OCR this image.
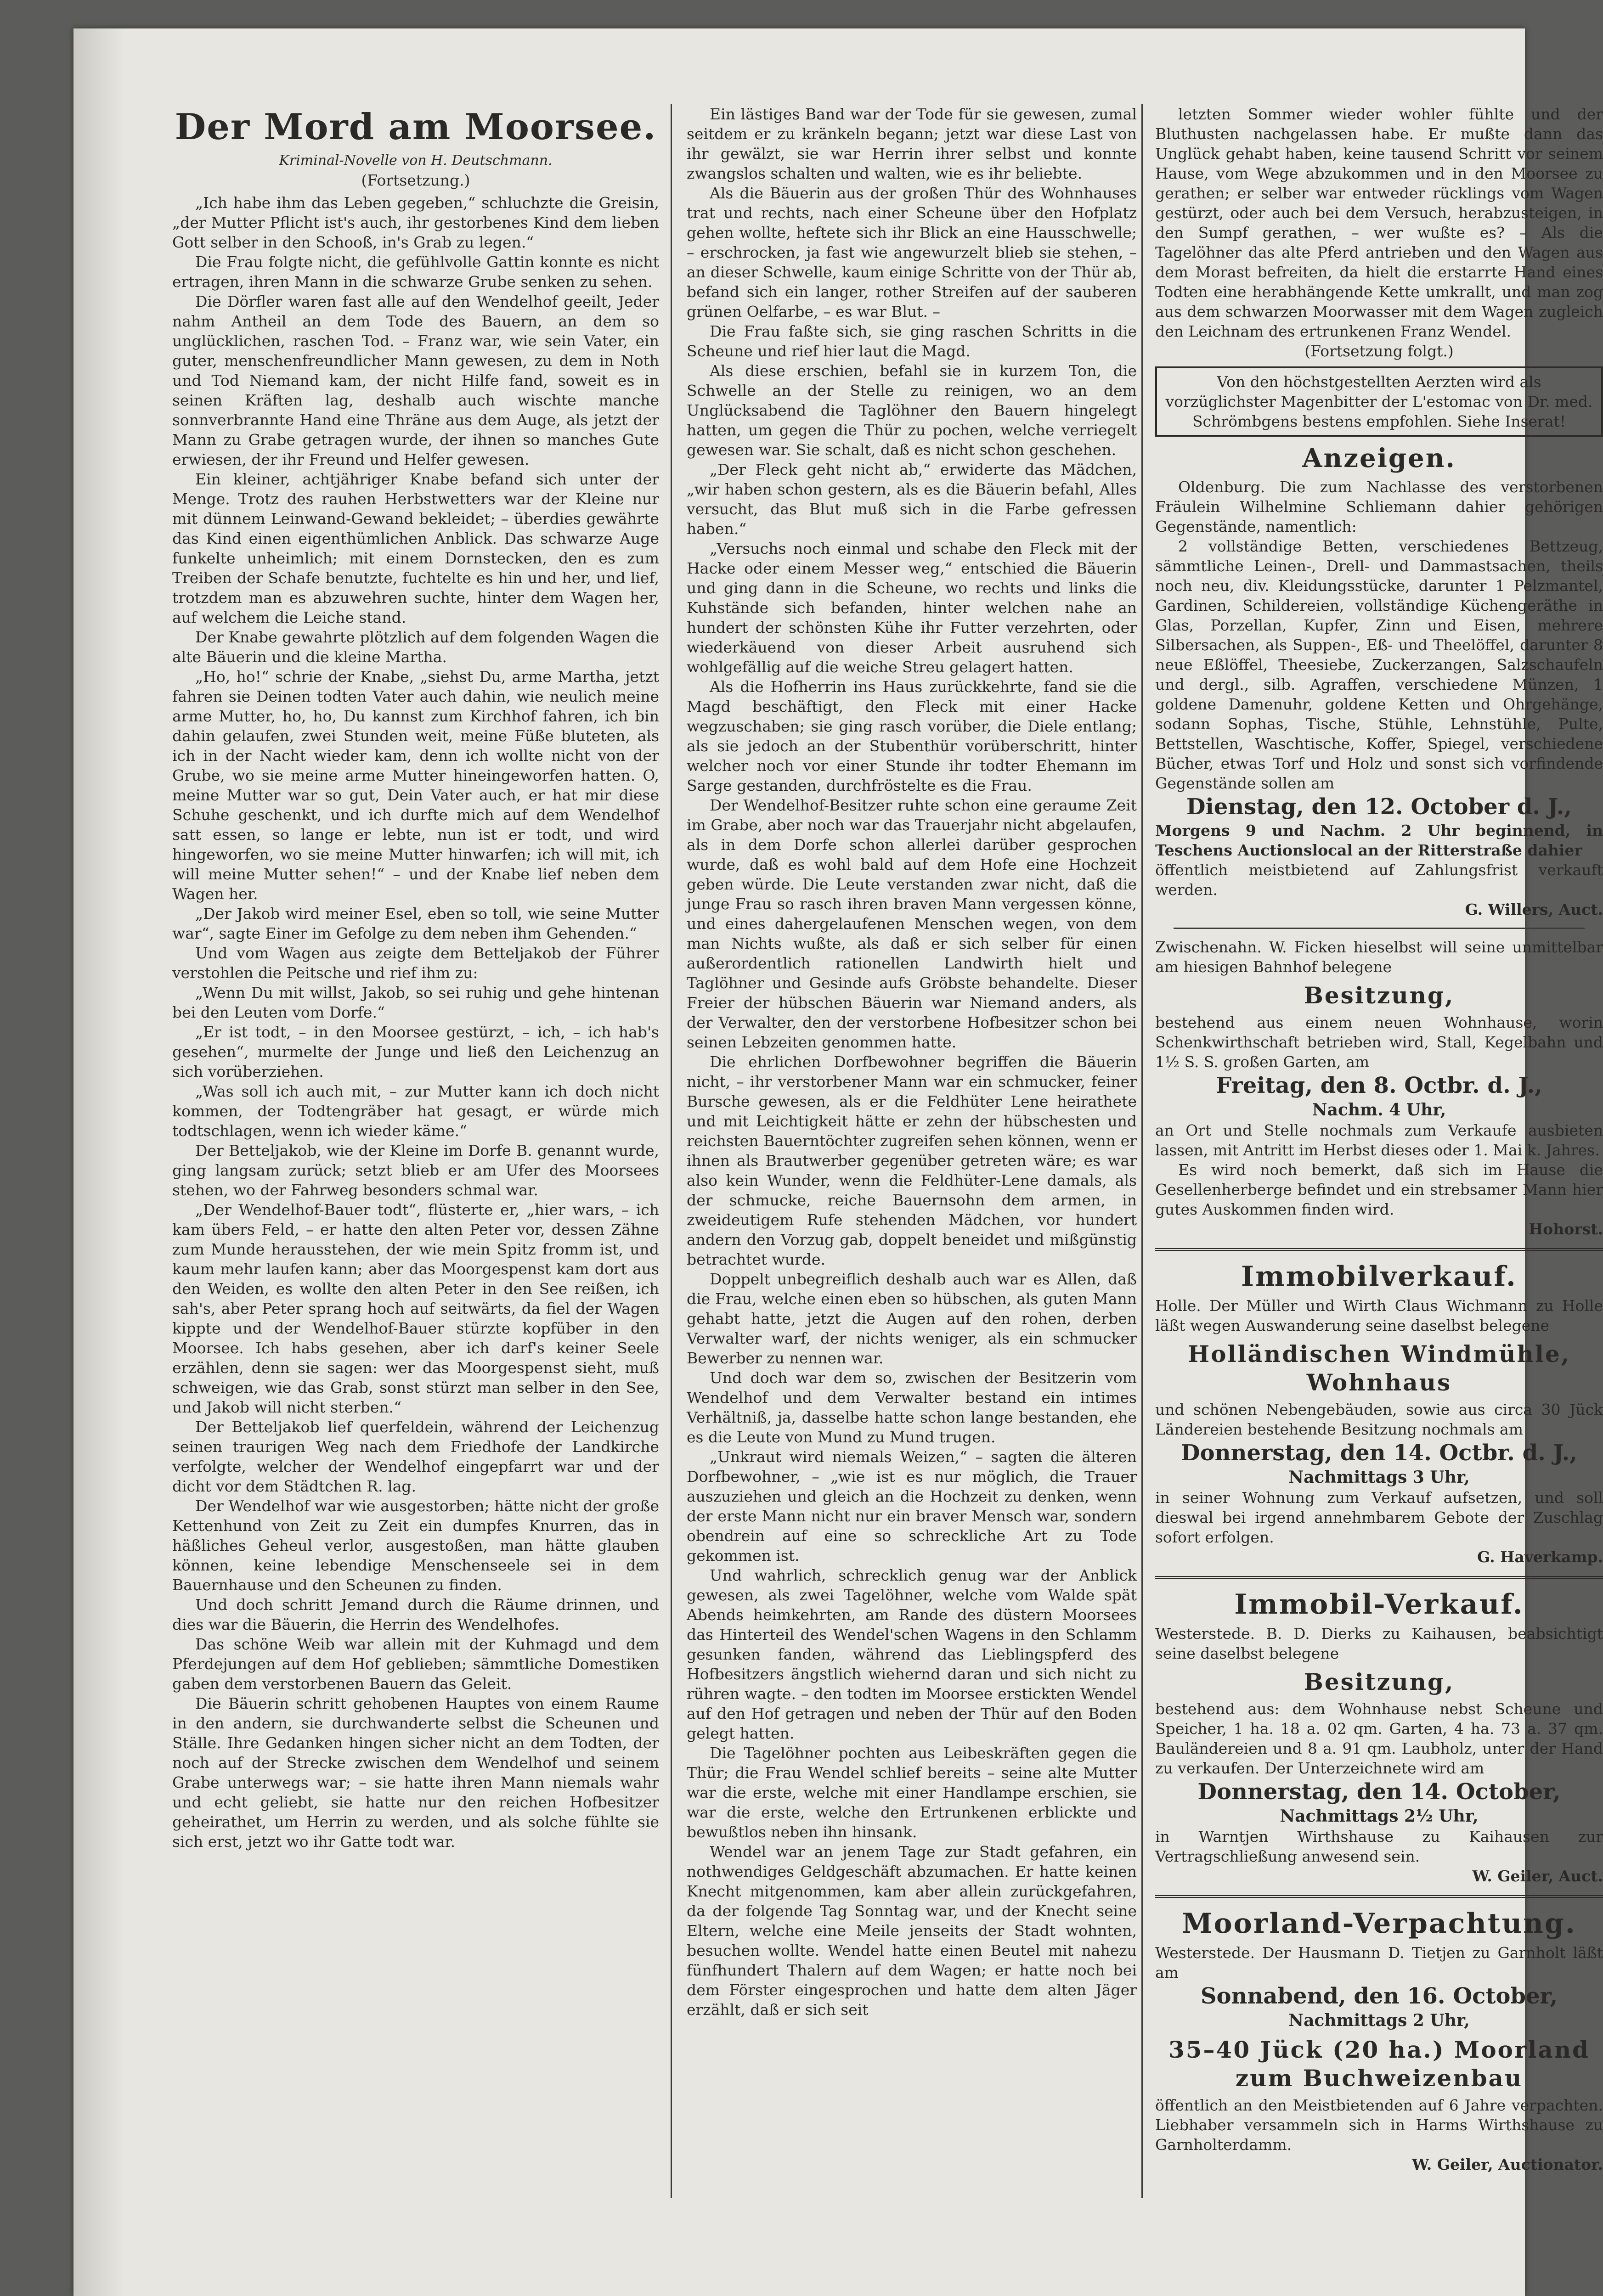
Der Mord am Moorsee.
Kriminal-Novelle von H. Deutschmann.
(Fortsetzung.)

„Ich habe ihm das Leben gegeben,“ schluchzte die Greisin, „der Mutter Pflicht ist's auch, ihr gestorbenes Kind dem lieben Gott selber in den Schooß, in's Grab zu legen.“

Die Frau folgte nicht, die gefühlvolle Gattin konnte es nicht ertragen, ihren Mann in die schwarze Grube senken zu sehen.

Die Dörfler waren fast alle auf den Wendelhof geeilt, Jeder nahm Antheil an dem Tode des Bauern, an dem so unglücklichen, raschen Tod. – Franz war, wie sein Vater, ein guter, menschenfreundlicher Mann gewesen, zu dem in Noth und Tod Niemand kam, der nicht Hilfe fand, soweit es in seinen Kräften lag, deshalb auch wischte manche sonnverbrannte Hand eine Thräne aus dem Auge, als jetzt der Mann zu Grabe getragen wurde, der ihnen so manches Gute erwiesen, der ihr Freund und Helfer gewesen.

Ein kleiner, achtjähriger Knabe befand sich unter der Menge. Trotz des rauhen Herbstwetters war der Kleine nur mit dünnem Leinwand-Gewand bekleidet; – überdies gewährte das Kind einen eigenthümlichen Anblick. Das schwarze Auge funkelte unheimlich; mit einem Dornstecken, den es zum Treiben der Schafe benutzte, fuchtelte es hin und her, und lief, trotzdem man es abzuwehren suchte, hinter dem Wagen her, auf welchem die Leiche stand.

Der Knabe gewahrte plötzlich auf dem folgenden Wagen die alte Bäuerin und die kleine Martha.

„Ho, ho!“ schrie der Knabe, „siehst Du, arme Martha, jetzt fahren sie Deinen todten Vater auch dahin, wie neulich meine arme Mutter, ho, ho, Du kannst zum Kirchhof fahren, ich bin dahin gelaufen, zwei Stunden weit, meine Füße bluteten, als ich in der Nacht wieder kam, denn ich wollte nicht von der Grube, wo sie meine arme Mutter hineingeworfen hatten. O, meine Mutter war so gut, Dein Vater auch, er hat mir diese Schuhe geschenkt, und ich durfte mich auf dem Wendelhof satt essen, so lange er lebte, nun ist er todt, und wird hingeworfen, wo sie meine Mutter hinwarfen; ich will mit, ich will meine Mutter sehen!“ – und der Knabe lief neben dem Wagen her.

„Der Jakob wird meiner Esel, eben so toll, wie seine Mutter war“, sagte Einer im Gefolge zu dem neben ihm Gehenden.“

Und vom Wagen aus zeigte dem Betteljakob der Führer verstohlen die Peitsche und rief ihm zu:

„Wenn Du mit willst, Jakob, so sei ruhig und gehe hintenan bei den Leuten vom Dorfe.“

„Er ist todt, – in den Moorsee gestürzt, – ich, – ich hab's gesehen“, murmelte der Junge und ließ den Leichenzug an sich vorüberziehen.

„Was soll ich auch mit, – zur Mutter kann ich doch nicht kommen, der Todtengräber hat gesagt, er würde mich todtschlagen, wenn ich wieder käme.“

Der Betteljakob, wie der Kleine im Dorfe B. genannt wurde, ging langsam zurück; setzt blieb er am Ufer des Moorsees stehen, wo der Fahrweg besonders schmal war.

„Der Wendelhof-Bauer todt“, flüsterte er, „hier wars, – ich kam übers Feld, – er hatte den alten Peter vor, dessen Zähne zum Munde herausstehen, der wie mein Spitz fromm ist, und kaum mehr laufen kann; aber das Moorgespenst kam dort aus den Weiden, es wollte den alten Peter in den See reißen, ich sah's, aber Peter sprang hoch auf seitwärts, da fiel der Wagen kippte und der Wendelhof-Bauer stürzte kopfüber in den Moorsee. Ich habs gesehen, aber ich darf's keiner Seele erzählen, denn sie sagen: wer das Moorgespenst sieht, muß schweigen, wie das Grab, sonst stürzt man selber in den See, und Jakob will nicht sterben.“

Der Betteljakob lief querfeldein, während der Leichenzug seinen traurigen Weg nach dem Friedhofe der Landkirche verfolgte, welcher der Wendelhof eingepfarrt war und der dicht vor dem Städtchen R. lag.

Der Wendelhof war wie ausgestorben; hätte nicht der große Kettenhund von Zeit zu Zeit ein dumpfes Knurren, das in häßliches Geheul verlor, ausgestoßen, man hätte glauben können, keine lebendige Menschenseele sei in dem Bauernhause und den Scheunen zu finden.

Und doch schritt Jemand durch die Räume drinnen, und dies war die Bäuerin, die Herrin des Wendelhofes.

Das schöne Weib war allein mit der Kuhmagd und dem Pferdejungen auf dem Hof geblieben; sämmtliche Domestiken gaben dem verstorbenen Bauern das Geleit.

Die Bäuerin schritt gehobenen Hauptes von einem Raume in den andern, sie durchwanderte selbst die Scheunen und Ställe. Ihre Gedanken hingen sicher nicht an dem Todten, der noch auf der Strecke zwischen dem Wendelhof und seinem Grabe unterwegs war; – sie hatte ihren Mann niemals wahr und echt geliebt, sie hatte nur den reichen Hofbesitzer geheirathet, um Herrin zu werden, und als solche fühlte sie sich erst, jetzt wo ihr Gatte todt war.

Ein lästiges Band war der Tode für sie gewesen, zumal seitdem er zu kränkeln begann; jetzt war diese Last von ihr gewälzt, sie war Herrin ihrer selbst und konnte zwangslos schalten und walten, wie es ihr beliebte.

Als die Bäuerin aus der großen Thür des Wohnhauses trat und rechts, nach einer Scheune über den Hofplatz gehen wollte, heftete sich ihr Blick an eine Hausschwelle; – erschrocken, ja fast wie angewurzelt blieb sie stehen, – an dieser Schwelle, kaum einige Schritte von der Thür ab, befand sich ein langer, rother Streifen auf der sauberen grünen Oelfarbe, – es war Blut. –

Die Frau faßte sich, sie ging raschen Schritts in die Scheune und rief hier laut die Magd.

Als diese erschien, befahl sie in kurzem Ton, die Schwelle an der Stelle zu reinigen, wo an dem Unglücksabend die Taglöhner den Bauern hingelegt hatten, um gegen die Thür zu pochen, welche verriegelt gewesen war. Sie schalt, daß es nicht schon geschehen.

„Der Fleck geht nicht ab,“ erwiderte das Mädchen, „wir haben schon gestern, als es die Bäuerin befahl, Alles versucht, das Blut muß sich in die Farbe gefressen haben.“

„Versuchs noch einmal und schabe den Fleck mit der Hacke oder einem Messer weg,“ entschied die Bäuerin und ging dann in die Scheune, wo rechts und links die Kuhstände sich befanden, hinter welchen nahe an hundert der schönsten Kühe ihr Futter verzehrten, oder wiederkäuend von dieser Arbeit ausruhend sich wohlgefällig auf die weiche Streu gelagert hatten.

Als die Hofherrin ins Haus zurückkehrte, fand sie die Magd beschäftigt, den Fleck mit einer Hacke wegzuschaben; sie ging rasch vorüber, die Diele entlang; als sie jedoch an der Stubenthür vorüberschritt, hinter welcher noch vor einer Stunde ihr todter Ehemann im Sarge gestanden, durchfröstelte es die Frau.

Der Wendelhof-Besitzer ruhte schon eine geraume Zeit im Grabe, aber noch war das Trauerjahr nicht abgelaufen, als in dem Dorfe schon allerlei darüber gesprochen wurde, daß es wohl bald auf dem Hofe eine Hochzeit geben würde. Die Leute verstanden zwar nicht, daß die junge Frau so rasch ihren braven Mann vergessen könne, und eines dahergelaufenen Menschen wegen, von dem man Nichts wußte, als daß er sich selber für einen außerordentlich rationellen Landwirth hielt und Taglöhner und Gesinde aufs Gröbste behandelte. Dieser Freier der hübschen Bäuerin war Niemand anders, als der Verwalter, den der verstorbene Hofbesitzer schon bei seinen Lebzeiten genommen hatte.

Die ehrlichen Dorfbewohner begriffen die Bäuerin nicht, – ihr verstorbener Mann war ein schmucker, feiner Bursche gewesen, als er die Feldhüter Lene heirathete und mit Leichtigkeit hätte er zehn der hübschesten und reichsten Bauerntöchter zugreifen sehen können, wenn er ihnen als Brautwerber gegenüber getreten wäre; es war also kein Wunder, wenn die Feldhüter-Lene damals, als der schmucke, reiche Bauernsohn dem armen, in zweideutigem Rufe stehenden Mädchen, vor hundert andern den Vorzug gab, doppelt beneidet und mißgünstig betrachtet wurde.

Doppelt unbegreiflich deshalb auch war es Allen, daß die Frau, welche einen eben so hübschen, als guten Mann gehabt hatte, jetzt die Augen auf den rohen, derben Verwalter warf, der nichts weniger, als ein schmucker Bewerber zu nennen war.

Und doch war dem so, zwischen der Besitzerin vom Wendelhof und dem Verwalter bestand ein intimes Verhältniß, ja, dasselbe hatte schon lange bestanden, ehe es die Leute von Mund zu Mund trugen.

„Unkraut wird niemals Weizen,“ – sagten die älteren Dorfbewohner, – „wie ist es nur möglich, die Trauer auszuziehen und gleich an die Hochzeit zu denken, wenn der erste Mann nicht nur ein braver Mensch war, sondern obendrein auf eine so schreckliche Art zu Tode gekommen ist.

Und wahrlich, schrecklich genug war der Anblick gewesen, als zwei Tagelöhner, welche vom Walde spät Abends heimkehrten, am Rande des düstern Moorsees das Hinterteil des Wendel'schen Wagens in den Schlamm gesunken fanden, während das Lieblingspferd des Hofbesitzers ängstlich wiehernd daran und sich nicht zu rühren wagte. – den todten im Moorsee erstickten Wendel auf den Hof getragen und neben der Thür auf den Boden gelegt hatten.

Die Tagelöhner pochten aus Leibeskräften gegen die Thür; die Frau Wendel schlief bereits – seine alte Mutter war die erste, welche mit einer Handlampe erschien, sie war die erste, welche den Ertrunkenen erblickte und bewußtlos neben ihn hinsank.

Wendel war an jenem Tage zur Stadt gefahren, ein nothwendiges Geldgeschäft abzumachen. Er hatte keinen Knecht mitgenommen, kam aber allein zurückgefahren, da der folgende Tag Sonntag war, und der Knecht seine Eltern, welche eine Meile jenseits der Stadt wohnten, besuchen wollte. Wendel hatte einen Beutel mit nahezu fünfhundert Thalern auf dem Wagen; er hatte noch bei dem Förster eingesprochen und hatte dem alten Jäger erzählt, daß er sich seit

letzten Sommer wieder wohler fühlte und der Bluthusten nachgelassen habe. Er mußte dann das Unglück gehabt haben, keine tausend Schritt vor seinem Hause, vom Wege abzukommen und in den Moorsee zu gerathen; er selber war entweder rücklings vom Wagen gestürzt, oder auch bei dem Versuch, herabzusteigen, in den Sumpf gerathen, – wer wußte es? – Als die Tagelöhner das alte Pferd antrieben und den Wagen aus dem Morast befreiten, da hielt die erstarrte Hand eines Todten eine herabhängende Kette umkrallt, und man zog aus dem schwarzen Moorwasser mit dem Wagen zugleich den Leichnam des ertrunkenen Franz Wendel.

(Fortsetzung folgt.)
Von den höchstgestellten Aerzten wird als vorzüglichster Magenbitter der L'estomac von Dr. med. Schrömbgens bestens empfohlen. Siehe Inserat!
Anzeigen.

Oldenburg. Die zum Nachlasse des verstorbenen Fräulein Wilhelmine Schliemann dahier gehörigen Gegenstände, namentlich:

2 vollständige Betten, verschiedenes Bettzeug, sämmtliche Leinen-, Drell- und Dammastsachen, theils noch neu, div. Kleidungsstücke, darunter 1 Pelzmantel, Gardinen, Schildereien, vollständige Küchengeräthe in Glas, Porzellan, Kupfer, Zinn und Eisen, mehrere Silbersachen, als Suppen-, Eß- und Theelöffel, darunter 8 neue Eßlöffel, Theesiebe, Zuckerzangen, Salzschaufeln und dergl., silb. Agraffen, verschiedene Münzen, 1 goldene Damenuhr, goldene Ketten und Ohrgehänge, sodann Sophas, Tische, Stühle, Lehnstühle, Pulte, Bettstellen, Waschtische, Koffer, Spiegel, verschiedene Bücher, etwas Torf und Holz und sonst sich vorfindende Gegenstände sollen am

Dienstag, den 12. October d. J.,
Morgens 9 und Nachm. 2 Uhr beginnend, in Teschens Auctionslocal an der Ritterstraße dahier
öffentlich meistbietend auf Zahlungsfrist verkauft werden.
G. Willers, Auct.
Zwischenahn. W. Ficken hieselbst will seine unmittelbar am hiesigen Bahnhof belegene
Besitzung,
bestehend aus einem neuen Wohnhause, worin Schenkwirthschaft betrieben wird, Stall, Kegelbahn und 1½ S. S. großen Garten, am
Freitag, den 8. Octbr. d. J.,
Nachm. 4 Uhr,
an Ort und Stelle nochmals zum Verkaufe ausbieten lassen, mit Antritt im Herbst dieses oder 1. Mai k. Jahres.

Es wird noch bemerkt, daß sich im Hause die Gesellenherberge befindet und ein strebsamer Mann hier gutes Auskommen finden wird.

Hohorst.
Immobilverkauf.
Holle. Der Müller und Wirth Claus Wichmann zu Holle läßt wegen Auswanderung seine daselbst belegene
Holländischen Windmühle, Wohnhaus
und schönen Nebengebäuden, sowie aus circa 30 Jück Ländereien bestehende Besitzung nochmals am
Donnerstag, den 14. Octbr. d. J.,
Nachmittags 3 Uhr,
in seiner Wohnung zum Verkauf aufsetzen, und soll dieswal bei irgend annehmbarem Gebote der Zuschlag sofort erfolgen.
G. Haverkamp.
Immobil-Verkauf.
Westerstede. B. D. Dierks zu Kaihausen, beabsichtigt seine daselbst belegene
Besitzung,
bestehend aus: dem Wohnhause nebst Scheune und Speicher, 1 ha. 18 a. 02 qm. Garten, 4 ha. 73 a. 37 qm. Bauländereien und 8 a. 91 qm. Laubholz, unter der Hand zu verkaufen. Der Unterzeichnete wird am
Donnerstag, den 14. October,
Nachmittags 2½ Uhr,
in Warntjen Wirthshause zu Kaihausen zur Vertragschließung anwesend sein.
W. Geiler, Auct.
Moorland-Verpachtung.
Westerstede. Der Hausmann D. Tietjen zu Garnholt läßt am
Sonnabend, den 16. October,
Nachmittags 2 Uhr,
35–40 Jück (20 ha.) Moorland zum Buchweizenbau
öffentlich an den Meistbietenden auf 6 Jahre verpachten. Liebhaber versammeln sich in Harms Wirthshause zu Garnholterdamm.
W. Geiler, Auctionator.
